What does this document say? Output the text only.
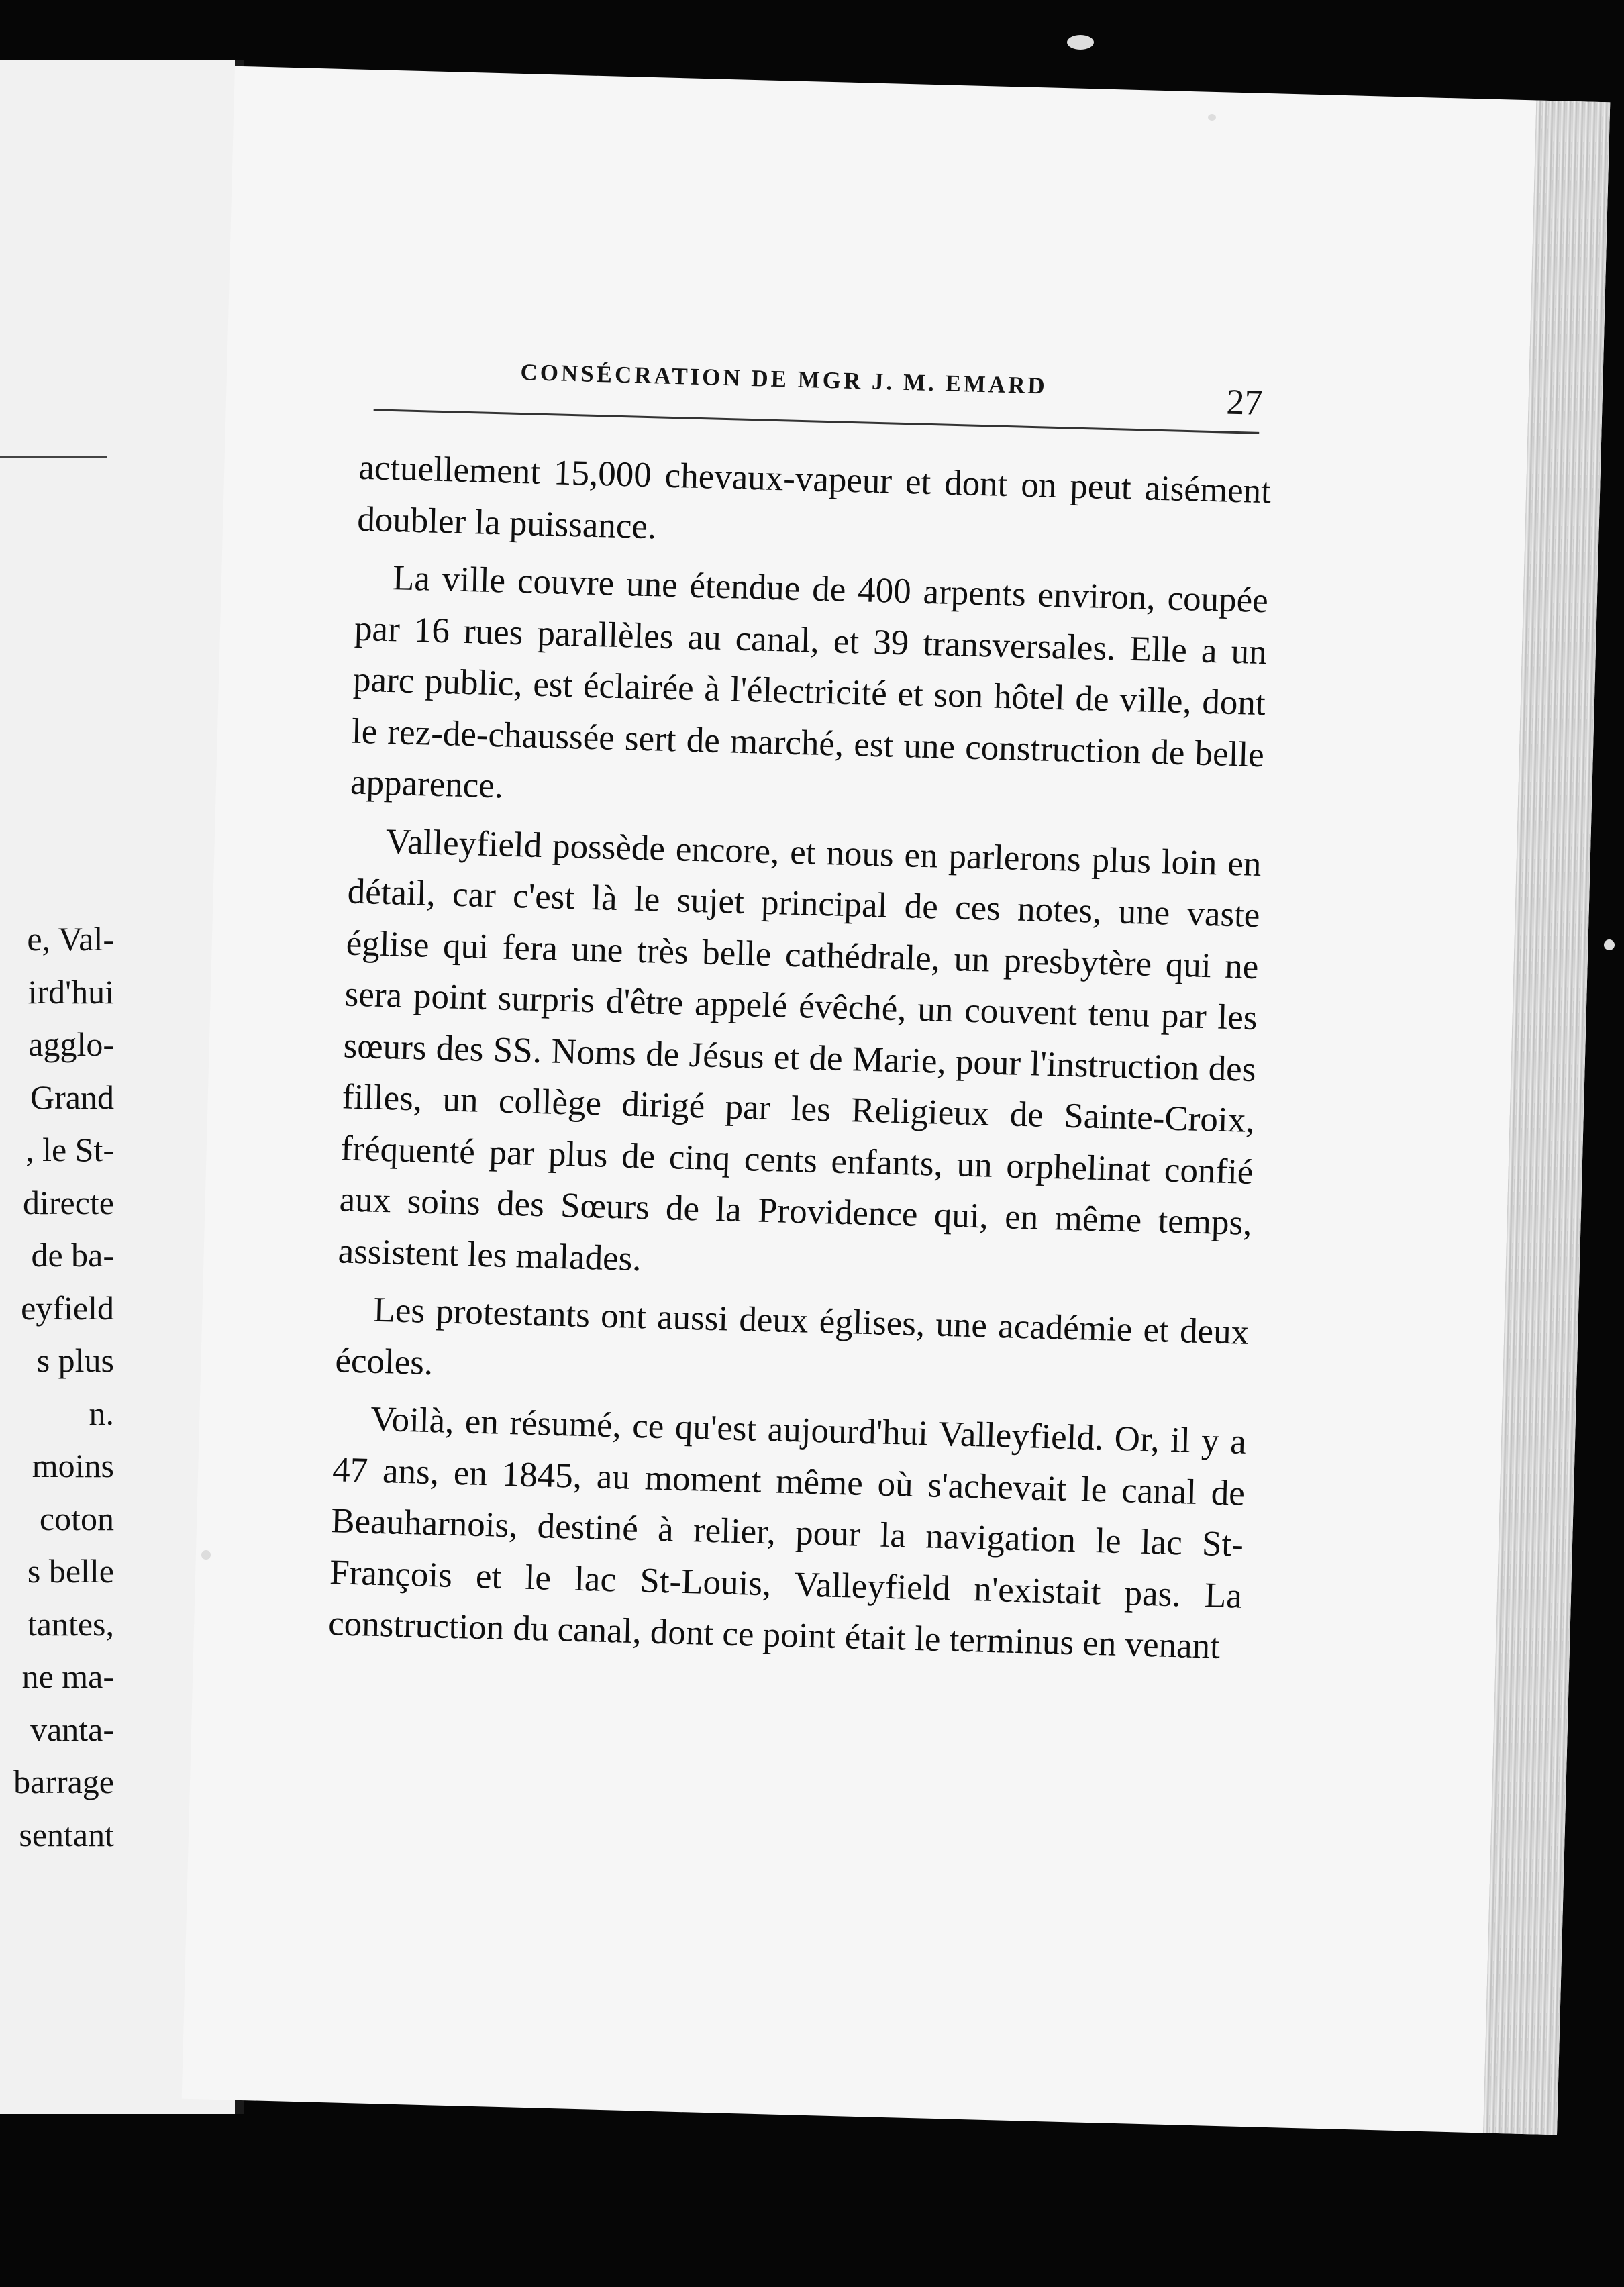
e, Val-
ird'hui
agglo-
Grand
, le St-
directe
de ba-
eyfield
s plus
n.
moins
coton
s belle
tantes,
ne ma-
vanta-
barrage
sentant
CONSÉCRATION DE MGR J. M. EMARD
27

actuellement 15,000 chevaux-vapeur et dont on peut aisément doubler la puissance.

La ville couvre une étendue de 400 arpents environ, coupée par 16 rues parallèles au canal, et 39 transversales. Elle a un parc public, est éclairée à l'électricité et son hôtel de ville, dont le rez-de-chaussée sert de marché, est une construction de belle apparence.

Valleyfield possède encore, et nous en parlerons plus loin en détail, car c'est là le sujet principal de ces notes, une vaste église qui fera une très belle cathédrale, un presbytère qui ne sera point surpris d'être appelé évêché, un couvent tenu par les sœurs des SS. Noms de Jésus et de Marie, pour l'instruction des filles, un collège dirigé par les Religieux de Sainte-Croix, fréquenté par plus de cinq cents enfants, un orphelinat confié aux soins des Sœurs de la Providence qui, en même temps, assistent les malades.

Les protestants ont aussi deux églises, une académie et deux écoles.

Voilà, en résumé, ce qu'est aujourd'hui Valleyfield. Or, il y a 47 ans, en 1845, au moment même où s'achevait le canal de Beauharnois, destiné à relier, pour la navigation le lac St-François et le lac St-Louis, Valleyfield n'existait pas. La construction du canal, dont ce point était le terminus en venant
